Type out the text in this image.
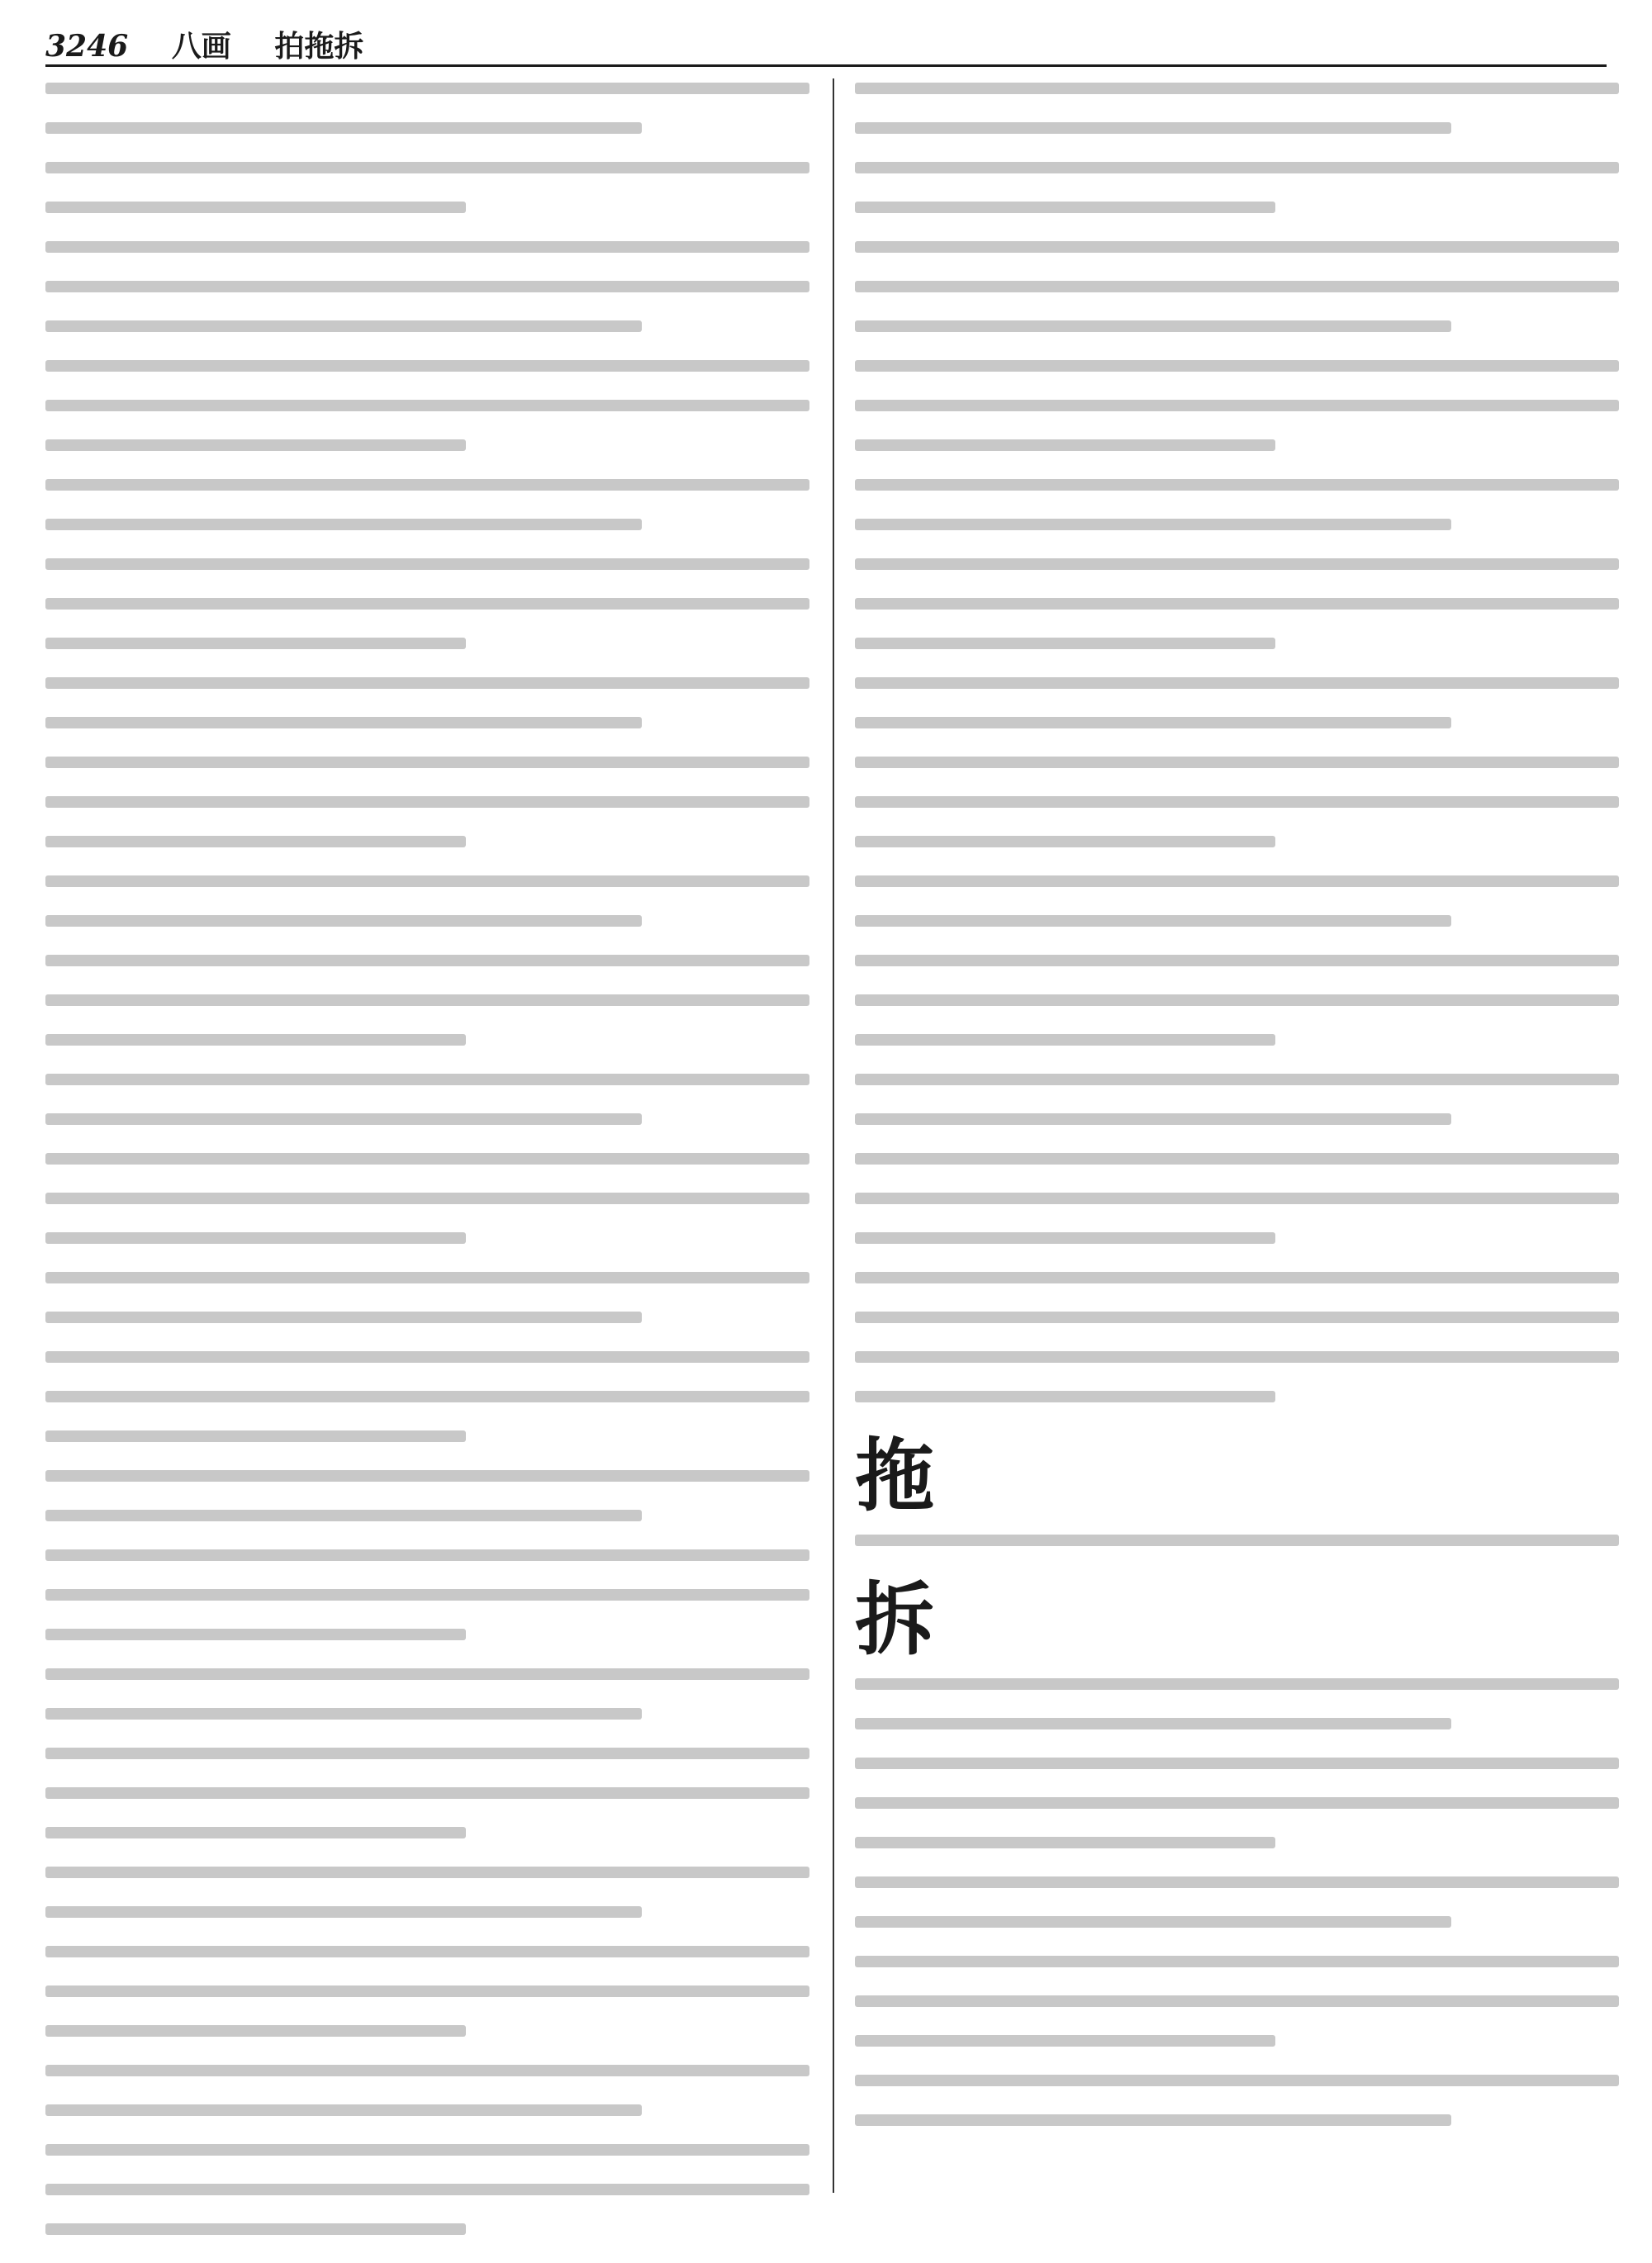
3246 八画 拍拖拆
拖
拆
